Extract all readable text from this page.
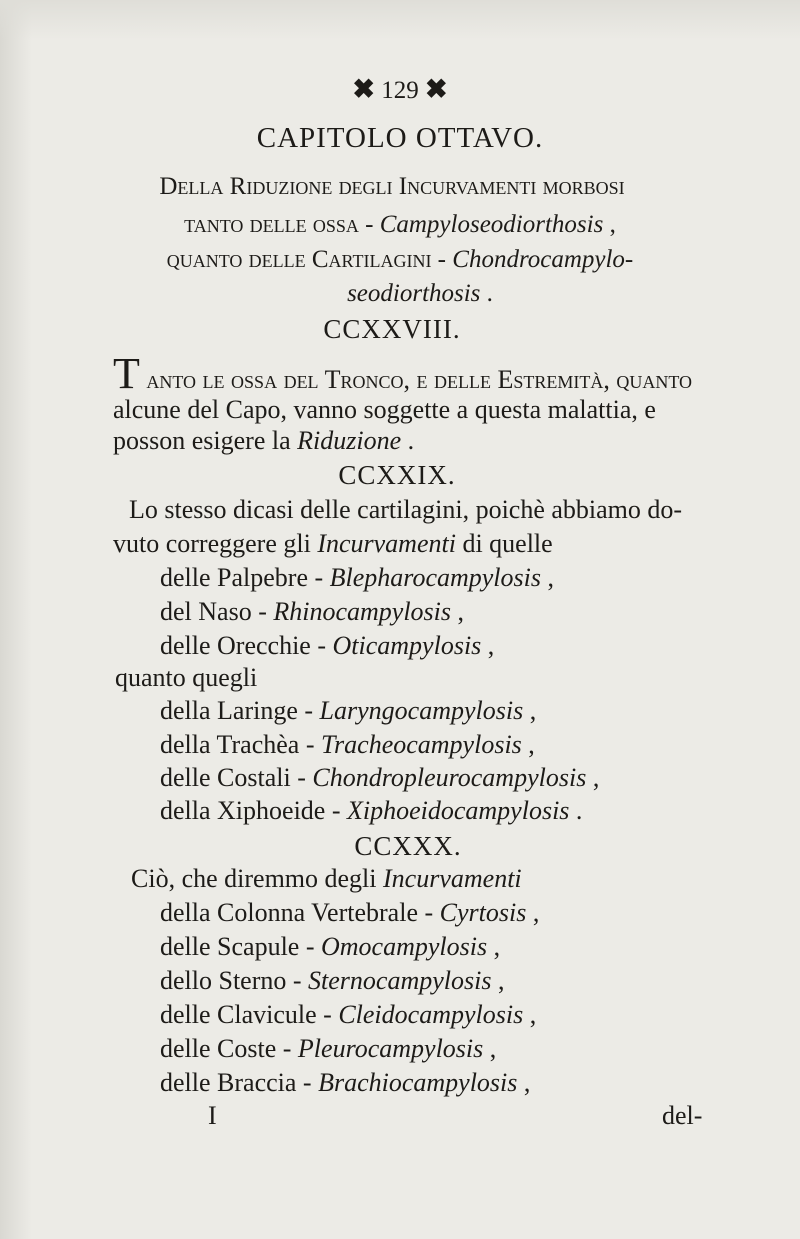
✖ 129 ✖
CAPITOLO OTTAVO.
Della Riduzione degli Incurvamenti morbosi
tanto delle ossa - Campyloseodiorthosis ,
quanto delle Cartilagini - Chondrocampylo-
seodiorthosis .
CCXXVIII.
T anto le ossa del Tronco, e delle Estremità, quanto
alcune del Capo, vanno soggette a questa malattia, e
posson esigere la Riduzione .
CCXXIX.
Lo stesso dicasi delle cartilagini, poichè abbiamo do-
vuto correggere gli Incurvamenti di quelle
delle Palpebre - Blepharocampylosis ,
del Naso - Rhinocampylosis ,
delle Orecchie - Oticampylosis ,
quanto quegli
della Laringe - Laryngocampylosis ,
della Trachèa - Tracheocampylosis ,
delle Costali - Chondropleurocampylosis ,
della Xiphoeide - Xiphoeidocampylosis .
CCXXX.
Ciò, che diremmo degli Incurvamenti
della Colonna Vertebrale - Cyrtosis ,
delle Scapule - Omocampylosis ,
dello Sterno - Sternocampylosis ,
delle Clavicule - Cleidocampylosis ,
delle Coste - Pleurocampylosis ,
delle Braccia - Brachiocampylosis ,
I	del-
